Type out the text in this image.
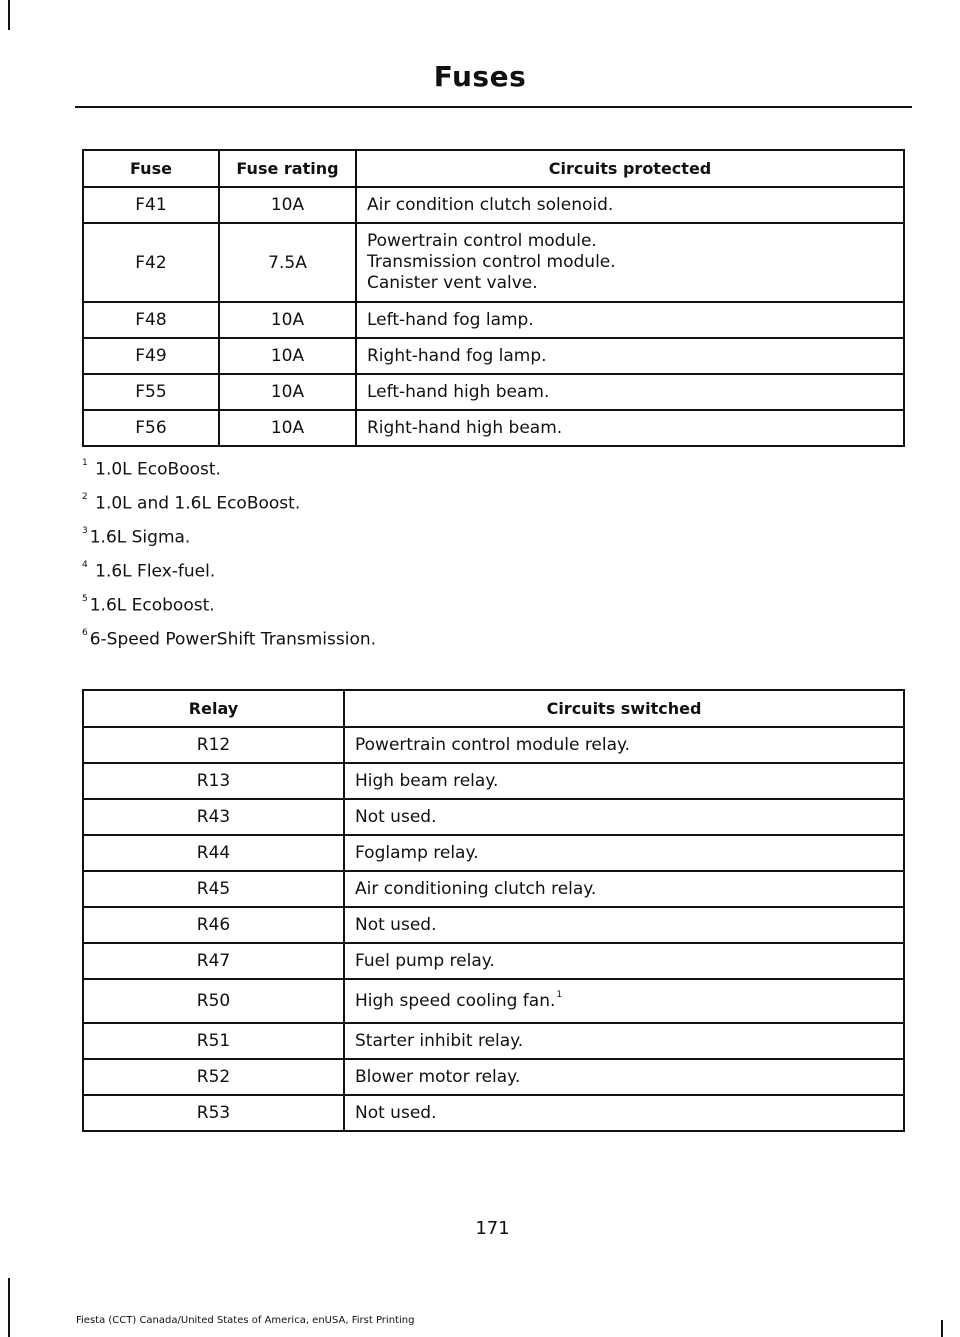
Fuses
Fuse	Fuse rating	Circuits protected
F41	10A	Air condition clutch solenoid.
F42	7.5A	Powertrain control module.
Transmission control module.
Canister vent valve.

F48	10A	Left-hand fog lamp.
F49	10A	Right-hand fog lamp.
F55	10A	Left-hand high beam.
F56	10A	Right-hand high beam.
$^1$ 1.0L EcoBoost.
$^2$ 1.0L and 1.6L EcoBoost.
$^3$ 1.6L Sigma.
$^4$ 1.6L Flex-fuel.
$^5$ 1.6L Ecoboost.
$^6$ 6-Speed PowerShift Transmission.
Relay	Circuits switched
R12	Powertrain control module relay.
R13	High beam relay.
R43	Not used.
R44	Foglamp relay.
R45	Air conditioning clutch relay.
R46	Not used.
R47	Fuel pump relay.
R50	High speed cooling fan.$^1$
R51	Starter inhibit relay.
R52	Blower motor relay.
R53	Not used.
171
Fiesta (CCT) Canada/United States of America, enUSA, First Printing
